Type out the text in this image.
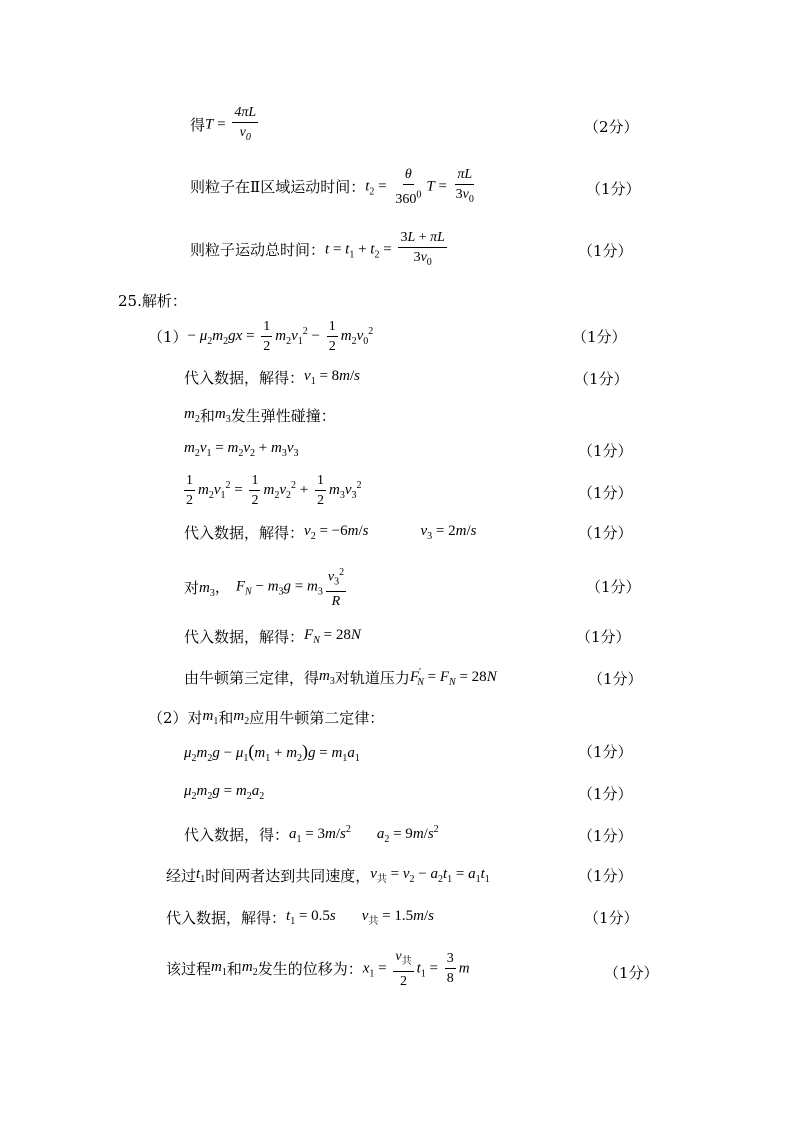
得 $T = \frac{4\pi L}{v_0}$	（2分）
则粒子在Ⅱ区域运动时间： $t_2 = \frac{\theta}{360^0}$ $T = \frac{\pi L}{3v_0}$	（1分）
则粒子运动总时间： $t = t_1 + t_2 = \frac{3L + \pi L}{3v_0}$	（1分）
25.解析：
$(1) - \mu_2m_2gx = \frac{1}{2} m_2v_1^2 - \frac{1}{2} m_2v_0^2$	（1分）
代入数据，解得： $v_1 = 8m/s$	（1分）
$m_2$ 和 $m_3$ 发生弹性碰撞：
$m_2v_1 = m_2v_2 + m_3v_3$	（1分）
$\frac{1}{2} m_2v_1^2 = \frac{1}{2} m_2v_2^2 + \frac{1}{2} m_3v_3^2$	（1分）
代入数据，解得： $v_2 = -6m/s$	$v_3 = 2m/s$	（1分）
对 $m_3$， $F_N - m_3g = m_3 \frac{v_3^2}{R}$	（1分）
代入数据，解得： $F_N = 28N$	（1分）
由牛顿第三定律，得 $m_3$ 对轨道压力 $F'_N = F_N = 28N$	（1分）
（2）对 $m_1$ 和 $m_2$ 应用牛顿第二定律：
$\mu_2m_2g - \mu_1(m_1 + m_2)g = m_1a_1$	（1分）
$\mu_2m_2g = m_2a_2$	（1分）
代入数据，得： $a_1 = 3m/s^2$ $a_2 = 9m/s^2$	（1分）
经过 $t_1$ 时间两者达到共同速度， $v_共 = v_2 - a_2t_1 = a_1t_1$	（1分）
代入数据，解得： $t_1 = 0.5s$ $v_共 = 1.5m/s$	（1分）
该过程 $m_1$ 和 $m_2$ 发生的位移为： $x_1 = \frac{v_共}{2} t_1 = \frac{3}{8}$ m	（1分）
